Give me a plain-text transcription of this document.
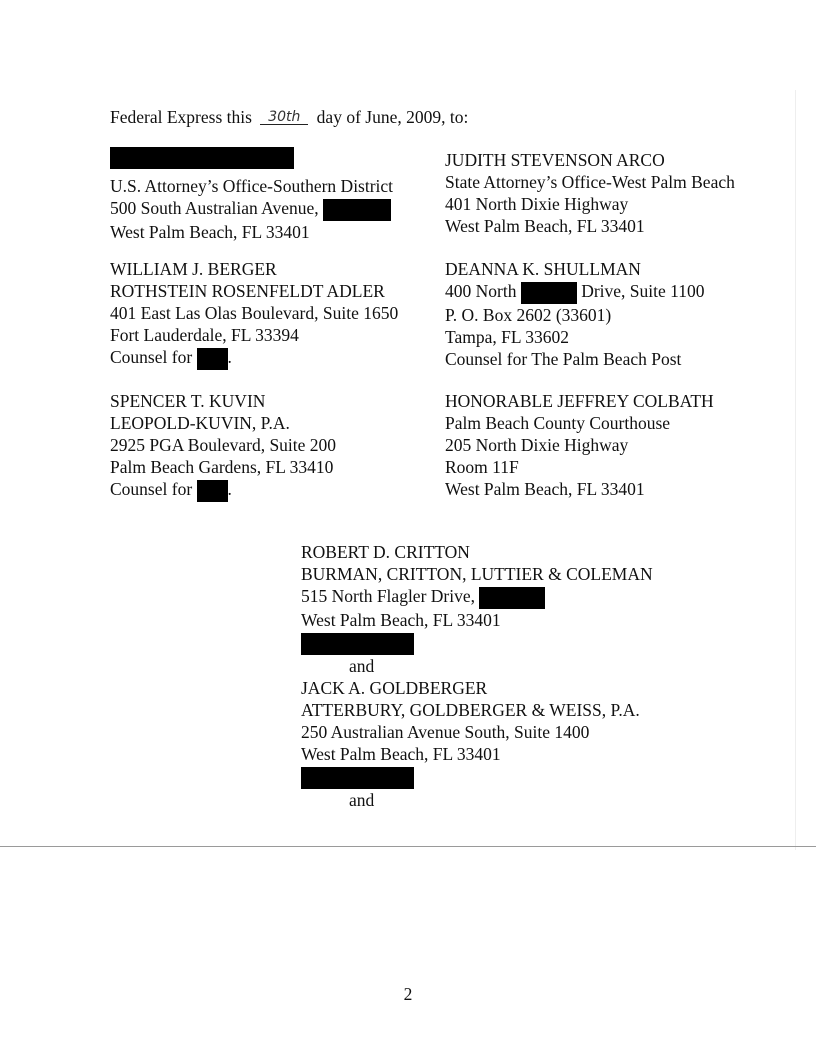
Federal Express this 30th day of June, 2009, to:
U.S. Attorney’s Office-Southern District
500 South Australian Avenue,
West Palm Beach, FL 33401
WILLIAM J. BERGER
ROTHSTEIN ROSENFELDT ADLER
401 East Las Olas Boulevard, Suite 1650
Fort Lauderdale, FL 33394
Counsel for .
SPENCER T. KUVIN
LEOPOLD-KUVIN, P.A.
2925 PGA Boulevard, Suite 200
Palm Beach Gardens, FL 33410
Counsel for .
JUDITH STEVENSON ARCO
State Attorney’s Office-West Palm Beach
401 North Dixie Highway
West Palm Beach, FL 33401
DEANNA K. SHULLMAN
400 North	Drive, Suite 1100
P. O. Box 2602 (33601)
Tampa, FL 33602
Counsel for The Palm Beach Post
HONORABLE JEFFREY COLBATH
Palm Beach County Courthouse
205 North Dixie Highway
Room 11F
West Palm Beach, FL 33401
ROBERT D. CRITTON
BURMAN, CRITTON, LUTTIER & COLEMAN
515 North Flagler Drive,
West Palm Beach, FL 33401
and
JACK A. GOLDBERGER
ATTERBURY, GOLDBERGER & WEISS, P.A.
250 Australian Avenue South, Suite 1400
West Palm Beach, FL 33401
and
2
